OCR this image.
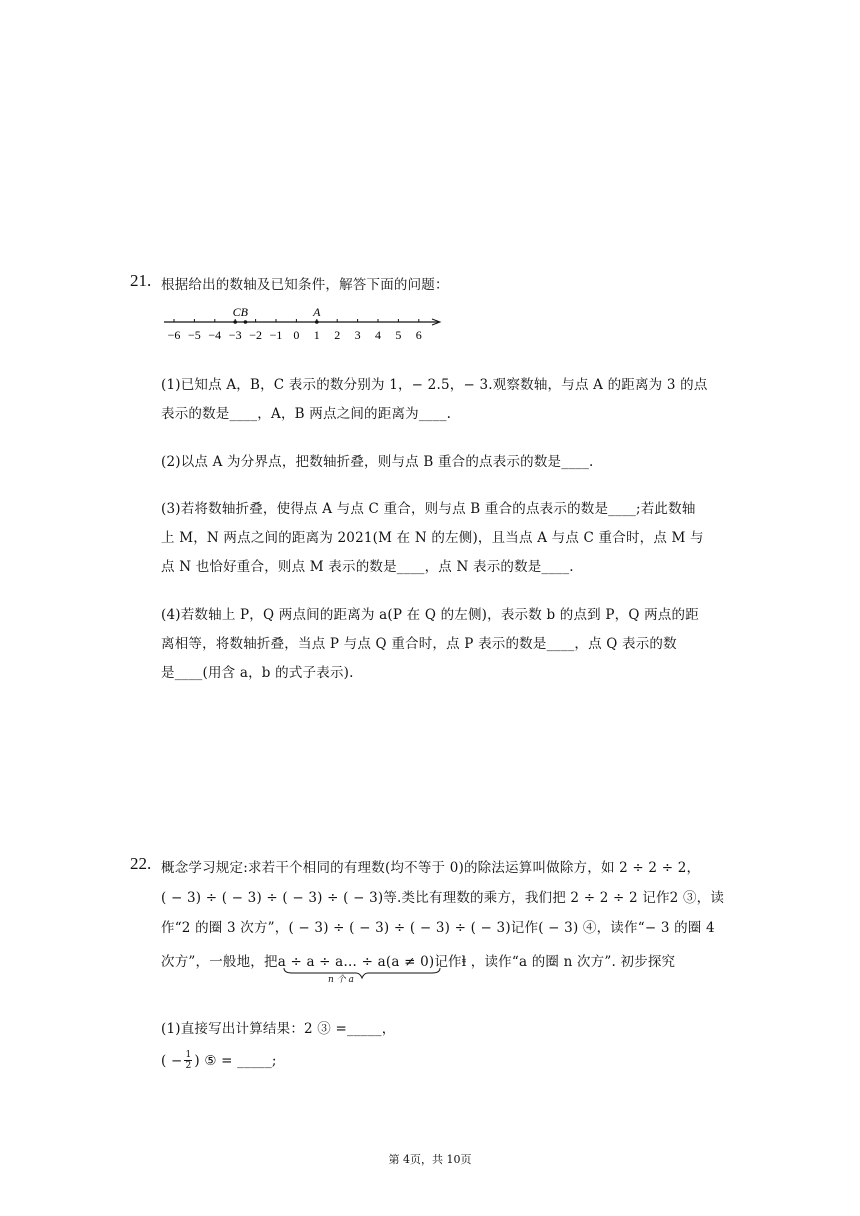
21. 根据给出的数轴及已知条件，解答下面的问题：
−6 −5 −4 −3 −2 −1 0 1 2 3 4 5 6
CB	A
(1)已知点 A，B，C 表示的数分别为 1，− 2.5，− 3.观察数轴，与点 A 的距离为 3 的点
表示的数是____，A，B 两点之间的距离为____.
(2)以点 A 为分界点，把数轴折叠，则与点 B 重合的点表示的数是____.
(3)若将数轴折叠，使得点 A 与点 C 重合，则与点 B 重合的点表示的数是____;若此数轴
上 M，N 两点之间的距离为 2021(M 在 N 的左侧)，且当点 A 与点 C 重合时，点 M 与
点 N 也恰好重合，则点 M 表示的数是____，点 N 表示的数是____.
(4)若数轴上 P，Q 两点间的距离为 a(P 在 Q 的左侧)，表示数 b 的点到 P，Q 两点的距
离相等，将数轴折叠，当点 P 与点 Q 重合时，点 P 表示的数是____，点 Q 表示的数
是____(用含 a，b 的式子表示).
22. 概念学习规定:求若干个相同的有理数(均不等于 0)的除法运算叫做除方，如 2 ÷ 2 ÷ 2，
( − 3) ÷ ( − 3) ÷ ( − 3) ÷ ( − 3)等.类比有理数的乘方，我们把 2 ÷ 2 ÷ 2 记作2 ③，读
作“2 的圈 3 次方”，( − 3) ÷ ( − 3) ÷ ( − 3) ÷ ( − 3)记作( − 3) ④，读作“− 3 的圈 4
次方”，一般地，把a ÷ a ÷ a… ÷ a(a ≠ 0)记作ⱡ ，读作“a 的圈 n 次方”. 初步探究
n 个 a
(1)直接写出计算结果：2 ③ =_____，
( − $\frac{1}{2}$ ) ⑤ = _____;
第 4页，共 10页
